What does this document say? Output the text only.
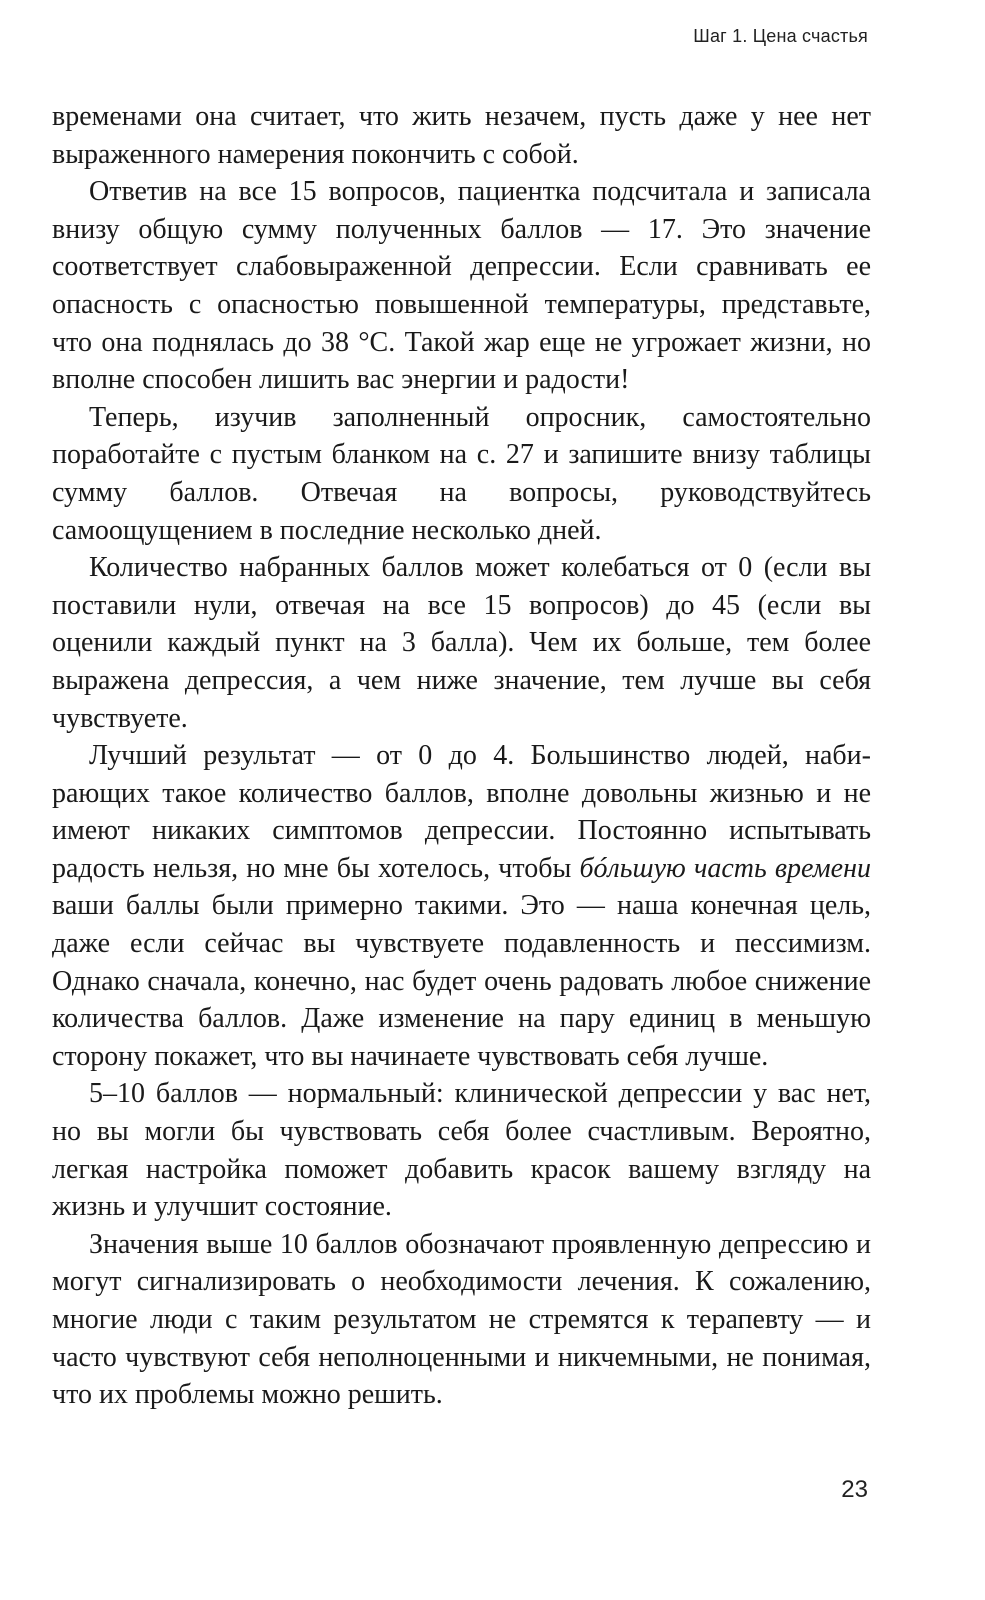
Шаг 1. Цена счастья

временами она считает, что жить незачем, пусть даже у нее нет выраженного намерения покончить с собой.

Ответив на все 15 вопросов, пациентка подсчитала и записала внизу общую сумму полученных баллов — 17. Это значение соответствует слабовыраженной депрессии. Если сравнивать ее опасность с опасностью повышенной температуры, представьте, что она поднялась до 38 °С. Такой жар еще не угрожает жизни, но вполне способен лишить вас энергии и радости!

Теперь, изучив заполненный опросник, самостоятельно поработайте с пустым бланком на с. 27 и запишите внизу таблицы сумму баллов. Отвечая на вопросы, руководствуйтесь самоощущением в последние несколько дней.

Количество набранных баллов может колебаться от 0 (если вы поставили нули, отвечая на все 15 вопросов) до 45 (если вы оценили каждый пункт на 3 балла). Чем их больше, тем более выражена депрессия, а чем ниже значение, тем лучше вы себя чувствуете.

Лучший результат — от 0 до 4. Большинство людей, набирающих такое количество баллов, вполне довольны жизнью и не имеют никаких симптомов депрессии. Постоянно испытывать радость нельзя, но мне бы хотелось, чтобы бóльшую часть времени ваши баллы были примерно такими. Это — наша конечная цель, даже если сейчас вы чувствуете подавленность и пессимизм. Однако сначала, конечно, нас будет очень радовать любое снижение количества баллов. Даже изменение на пару единиц в меньшую сторону покажет, что вы начинаете чувствовать себя лучше.

5–10 баллов — нормальный: клинической депрессии у вас нет, но вы могли бы чувствовать себя более счастливым. Вероятно, легкая настройка поможет добавить красок вашему взгляду на жизнь и улучшит состояние.

Значения выше 10 баллов обозначают проявленную депрессию и могут сигнализировать о необходимости лечения. К сожалению, многие люди с таким результатом не стремятся к терапевту — и часто чувствуют себя неполноценными и никчемными, не понимая, что их проблемы можно решить.

23
